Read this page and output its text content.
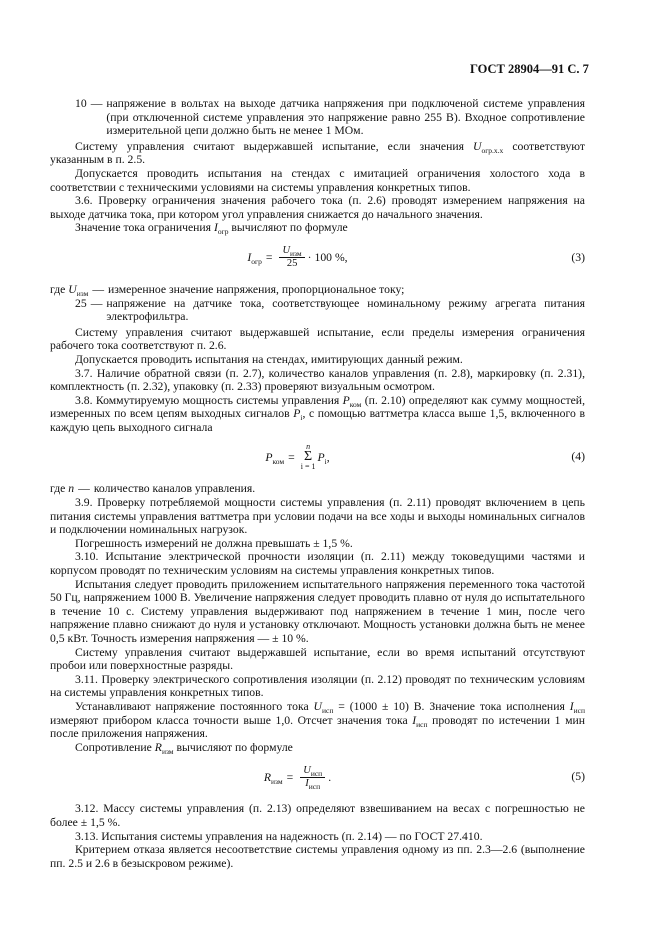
ГОСТ 28904—91 С. 7
10 — напряжение в вольтах на выходе датчика напряжения при подключеной системе управления (при отключенной системе управления это напряжение равно 255 В). Входное сопротивление измерительной цепи должно быть не менее 1 МОм.

Систему управления считают выдержавшей испытание, если значения $U_{огр.х.х}$ соответствуют указанным в п. 2.5.

Допускается проводить испытания на стендах с имитацией ограничения холостого хода в соответствии с техническими условиями на системы управления конкретных типов.

3.6. Проверку ограничения значения рабочего тока (п. 2.6) проводят измерением напряжения на выходе датчика тока, при котором угол управления снижается до начального значения.

Значение тока ограничения $I_{огр}$ вычисляют по формуле

$I_{огр} = \frac{U_{изм}}{25} \cdot 100$ %,	(3)
где $U_{изм}$ — измеренное значение напряжения, пропорциональное току;
25 — напряжение на датчике тока, соответствующее номинальному режиму агрегата питания электрофильтра.

Систему управления считают выдержавшей испытание, если пределы измерения ограничения рабочего тока соответствуют п. 2.6.

Допускается проводить испытания на стендах, имитирующих данный режим.

3.7. Наличие обратной связи (п. 2.7), количество каналов управления (п. 2.8), маркировку (п. 2.31), комплектность (п. 2.32), упаковку (п. 2.33) проверяют визуальным осмотром.

3.8. Коммутируемую мощность системы управления $P_{ком}$ (п. 2.10) определяют как сумму мощностей, измеренных по всем цепям выходных сигналов $P_i$, с помощью ваттметра класса выше 1,5, включенного в каждую цепь выходного сигнала

$P_{ком}$ =
n
Σ
i = 1
$P_i$,	(4)
где n — количество каналов управления.

3.9. Проверку потребляемой мощности системы управления (п. 2.11) проводят включением в цепь питания системы управления ваттметра при условии подачи на все ходы и выходы номинальных сигналов и подключении номинальных нагрузок.

Погрешность измерений не должна превышать ± 1,5 %.

3.10. Испытание электрической прочности изоляции (п. 2.11) между токоведущими частями и корпусом проводят по техническим условиям на системы управления конкретных типов.

Испытания следует проводить приложением испытательного напряжения переменного тока частотой 50 Гц, напряжением 1000 В. Увеличение напряжения следует проводить плавно от нуля до испытательного в течение 10 с. Систему управления выдерживают под напряжением в течение 1 мин, после чего напряжение плавно снижают до нуля и установку отключают. Мощность установки должна быть не менее 0,5 кВт. Точность измерения напряжения — ± 10 %.

Систему управления считают выдержавшей испытание, если во время испытаний отсутствуют пробои или поверхностные разряды.

3.11. Проверку электрического сопротивления изоляции (п. 2.12) проводят по техническим условиям на системы управления конкретных типов.

Устанавливают напряжение постоянного тока $U_{исп} = (1000 \pm 10)$ В. Значение тока исполнения $I_{исп}$ измеряют прибором класса точности выше 1,0. Отсчет значения тока $I_{исп}$ проводят по истечении 1 мин после приложения напряжения.

Сопротивление $R_{изм}$ вычисляют по формуле

$R_{изм} = \frac{U_{исп}}{I_{исп}}$ .	(5)

3.12. Массу системы управления (п. 2.13) определяют взвешиванием на весах с погрешностью не более ± 1,5 %.

3.13. Испытания системы управления на надежность (п. 2.14) — по ГОСТ 27.410.

Критерием отказа является несоответствие системы управления одному из пп. 2.3—2.6 (выполнение пп. 2.5 и 2.6 в безыскровом режиме).
